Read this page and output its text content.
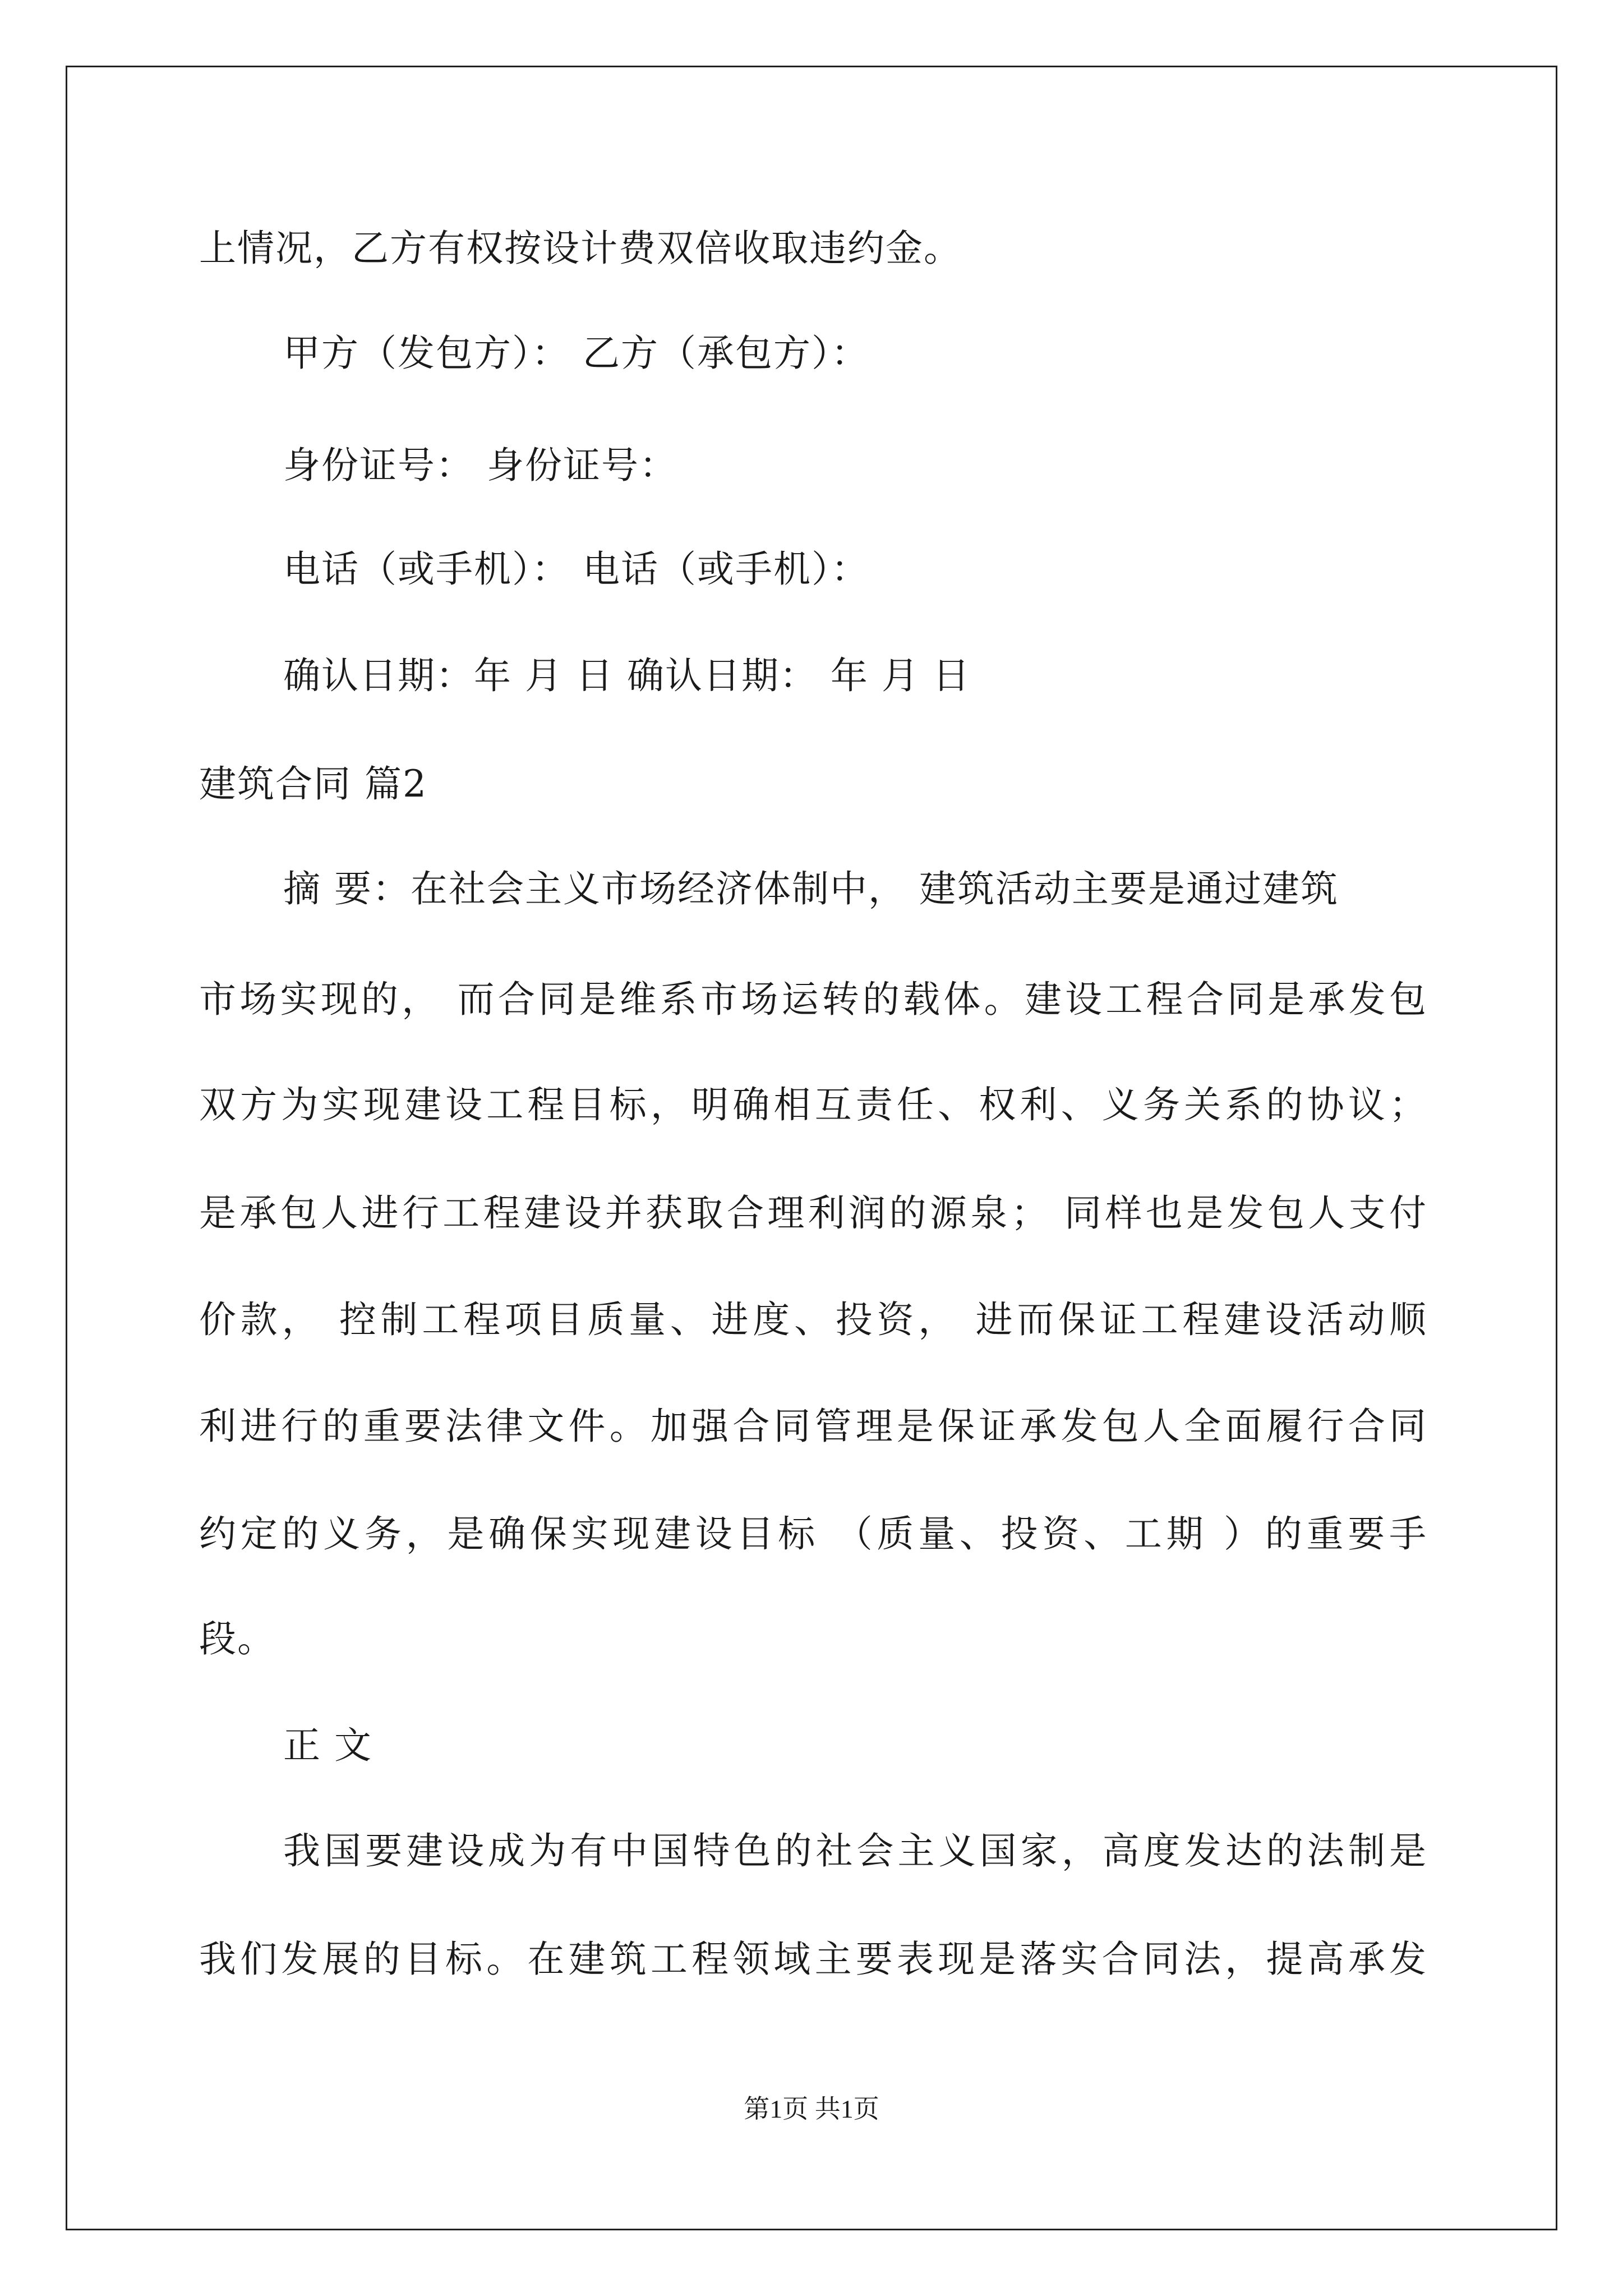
上情况，乙方有权按设计费双倍收取违约金。
甲方（发包方）： 乙方（承包方）：
身份证号： 身份证号：
电话（或手机）： 电话（或手机）：
确认日期：年 月 日 确认日期： 年 月 日
建筑合同 篇2
摘 要：在社会主义市场经济体制中， 建筑活动主要是通过建筑
市场实现的， 而合同是维系市场运转的载体。建设工程合同是承发包
双方为实现建设工程目标，明确相互责任、权利、义务关系的协议；
是承包人进行工程建设并获取合理利润的源泉； 同样也是发包人支付
价款， 控制工程项目质量、进度、投资， 进而保证工程建设活动顺
利进行的重要法律文件。加强合同管理是保证承发包人全面履行合同
约定的义务，是确保实现建设目标 （质量、投资、工期 ）的重要手
段。
正 文
我国要建设成为有中国特色的社会主义国家，高度发达的法制是
我们发展的目标。在建筑工程领域主要表现是落实合同法，提高承发
第1页 共1页
